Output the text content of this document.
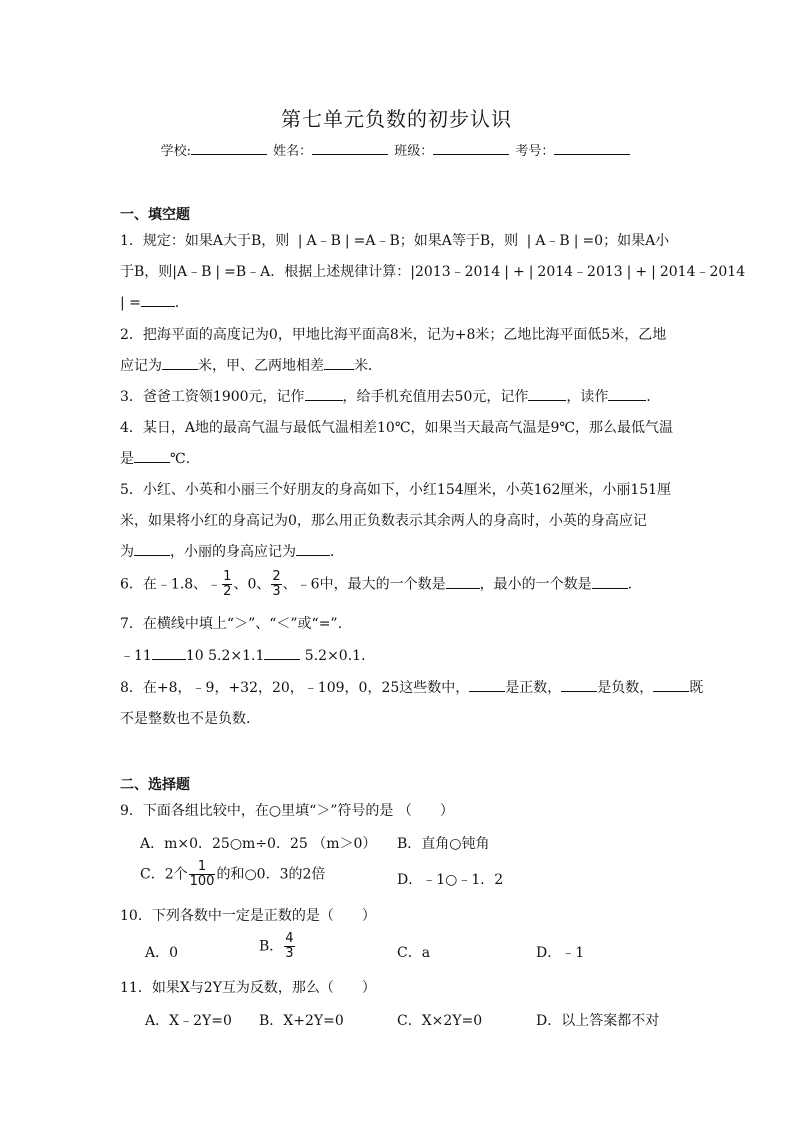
第七单元负数的初步认识
学校:	姓名：	班级：	考号：
一、填空题
1．规定：如果A大于B，则 | A﹣B | =A﹣B；如果A等于B，则 | A﹣B | =0；如果A小
于B，则|A﹣B | =B﹣A．根据上述规律计算：|2013﹣2014 | + | 2014﹣2013 | + | 2014﹣2014
| = ．
2．把海平面的高度记为0，甲地比海平面高8米，记为+8米；乙地比海平面低5米，乙地
应记为	米，甲、乙两地相差 米．
3．爸爸工资领1900元，记作	，给手机充值用去50元，记作	，读作	．
4．某日，A地的最高气温与最低气温相差10℃，如果当天最高气温是9℃，那么最低气温
是	℃.
5．小红、小英和小丽三个好朋友的身高如下，小红154厘米，小英162厘米，小丽151厘
米，如果将小红的身高记为0，那么用正负数表示其余两人的身高时，小英的身高应记
为	，小丽的身高应记为 ．
6．在﹣1.8、﹣ $\frac{1}{2}$ 、0、 $\frac{2}{3}$ 、﹣6中，最大的一个数是 ，最小的一个数是	．
7．在横线中填上“＞”、“＜”或“=”.
﹣11 10 5.2×1.1	5.2×0.1．
8．在+8，﹣9，+32，20，﹣109，0，25这些数中，	是正数，	是负数，	既
不是整数也不是负数.
二、选择题
9．下面各组比较中，在○里填“＞”符号的是 （　　）
A．m×0．25○m÷0．25 （m＞0） B．直角○钝角
C．2个 $\frac{1}{100}$ 的和○0．3的2倍	D．﹣1○﹣1．2
10．下列各数中一定是正数的是（　　）
A．0	B． $\frac{4}{3}$	C．a	D．﹣1
11．如果X与2Y互为反数，那么（　　）
A．X﹣2Y=0 B．X+2Y=0	C．X×2Y=0	D．以上答案都不对
